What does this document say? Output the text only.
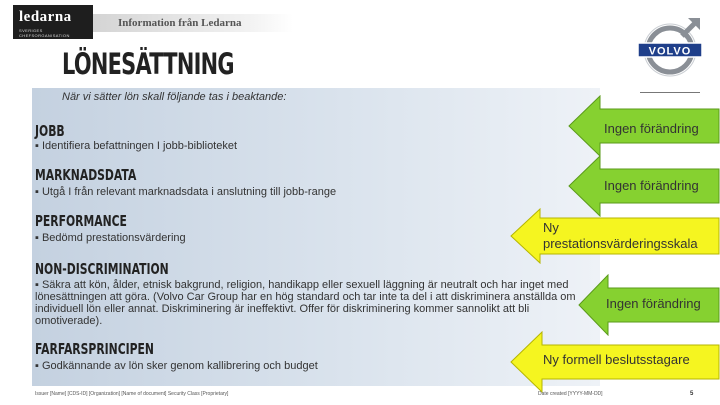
ledarna
SVERIGES CHEFSORGANISATION
Information från Ledarna
VOLVO
LÖNESÄTTNING
När vi sätter lön skall följande tas i beaktande:
JOBB
▪ Identifiera befattningen I jobb-biblioteket
MARKNADSDATA
▪ Utgå I från relevant marknadsdata i anslutning till jobb-range
PERFORMANCE
▪ Bedömd prestationsvärdering
NON-DISCRIMINATION
▪ Säkra att kön, ålder, etnisk bakgrund, religion, handikapp eller sexuell läggning är neutralt och har inget med lönesättningen att göra. (Volvo Car Group har en hög standard och tar inte ta del i att diskriminera anställda om individuell lön eller annat. Diskriminering är ineffektivt. Offer för diskriminering kommer sannolikt att bli omotiverade).
FARFARSPRINCIPEN
▪ Godkännande av lön sker genom kallibrering och budget
Ingen förändring
Ingen förändring
Ny prestationsvärderingsskala
Ingen förändring
Ny formell beslutsstagare
Issuer [Name] [CDS-ID] [Organization] [Name of document] Security Class [Proprietary]	Date created [YYYY-MM-DD]	5
